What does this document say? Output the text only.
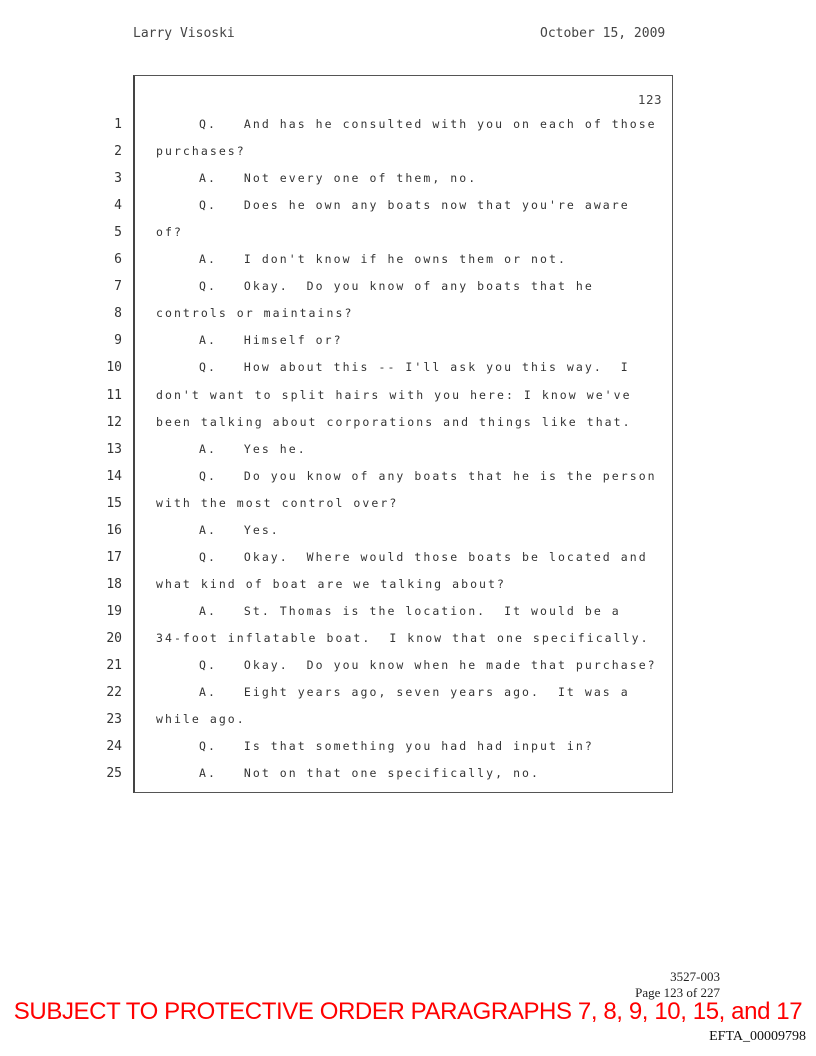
Larry Visoski	October 15, 2009
123
1	Q.   And has he consulted with you on each of those
2	purchases?
3	A.   Not every one of them, no.
4	Q.   Does he own any boats now that you're aware
5	of?
6	A.   I don't know if he owns them or not.
7	Q.   Okay.  Do you know of any boats that he
8	controls or maintains?
9	A.   Himself or?
10	Q.   How about this -- I'll ask you this way.  I
11	don't want to split hairs with you here: I know we've
12	been talking about corporations and things like that.
13	A.   Yes he.
14	Q.   Do you know of any boats that he is the person
15	with the most control over?
16	A.   Yes.
17	Q.   Okay.  Where would those boats be located and
18	what kind of boat are we talking about?
19	A.   St. Thomas is the location.  It would be a
20	34-foot inflatable boat.  I know that one specifically.
21	Q.   Okay.  Do you know when he made that purchase?
22	A.   Eight years ago, seven years ago.  It was a
23	while ago.
24	Q.   Is that something you had had input in?
25	A.   Not on that one specifically, no.
3527-003
Page 123 of 227
SUBJECT TO PROTECTIVE ORDER PARAGRAPHS 7, 8, 9, 10, 15, and 17
EFTA_00009798
